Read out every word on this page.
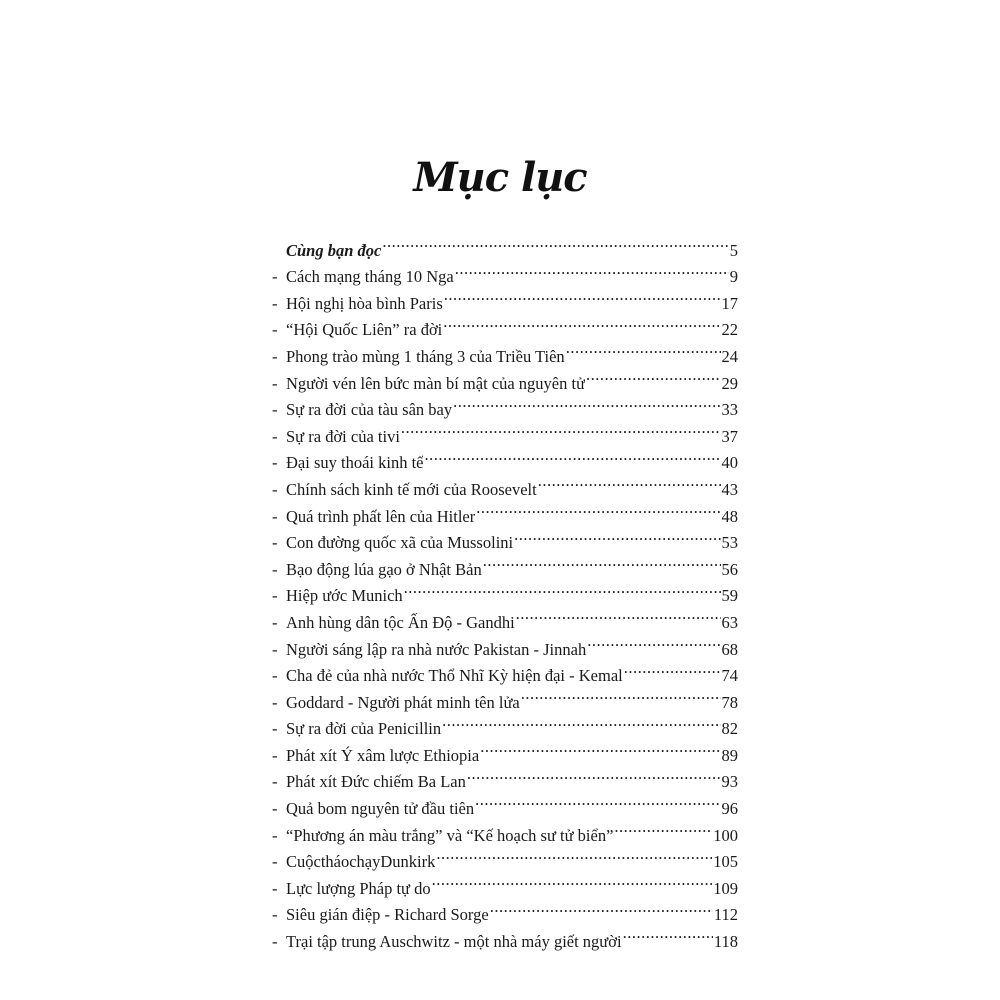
Mục lục
Cùng bạn đọc .....	5
- Cách mạng tháng 10 Nga .....	9
- Hội nghị hòa bình Paris .....	17
- “Hội Quốc Liên” ra đời .....	22
- Phong trào mùng 1 tháng 3 của Triều Tiên .....	24
- Người vén lên bức màn bí mật của nguyên tử .....	29
- Sự ra đời của tàu sân bay .....	33
- Sự ra đời của tivi .....	37
- Đại suy thoái kinh tế .....	40
- Chính sách kinh tế mới của Roosevelt .....	43
- Quá trình phất lên của Hitler .....	48
- Con đường quốc xã của Mussolini .....	53
- Bạo động lúa gạo ở Nhật Bản .....	56
- Hiệp ước Munich .....	59
- Anh hùng dân tộc Ấn Độ - Gandhi .....	63
- Người sáng lập ra nhà nước Pakistan - Jinnah .....	68
- Cha đẻ của nhà nước Thổ Nhĩ Kỳ hiện đại - Kemal .....	74
- Goddard - Người phát minh tên lửa .....	78
- Sự ra đời của Penicillin .....	82
- Phát xít Ý xâm lược Ethiopia .....	89
- Phát xít Đức chiếm Ba Lan .....	93
- Quả bom nguyên tử đầu tiên .....	96
- “Phương án màu trắng” và “Kế hoạch sư tử biển” .....	100
- CuộctháochạyDunkirk .....	105
- Lực lượng Pháp tự do .....	109
- Siêu gián điệp - Richard Sorge .....	112
- Trại tập trung Auschwitz - một nhà máy giết người .....	118
